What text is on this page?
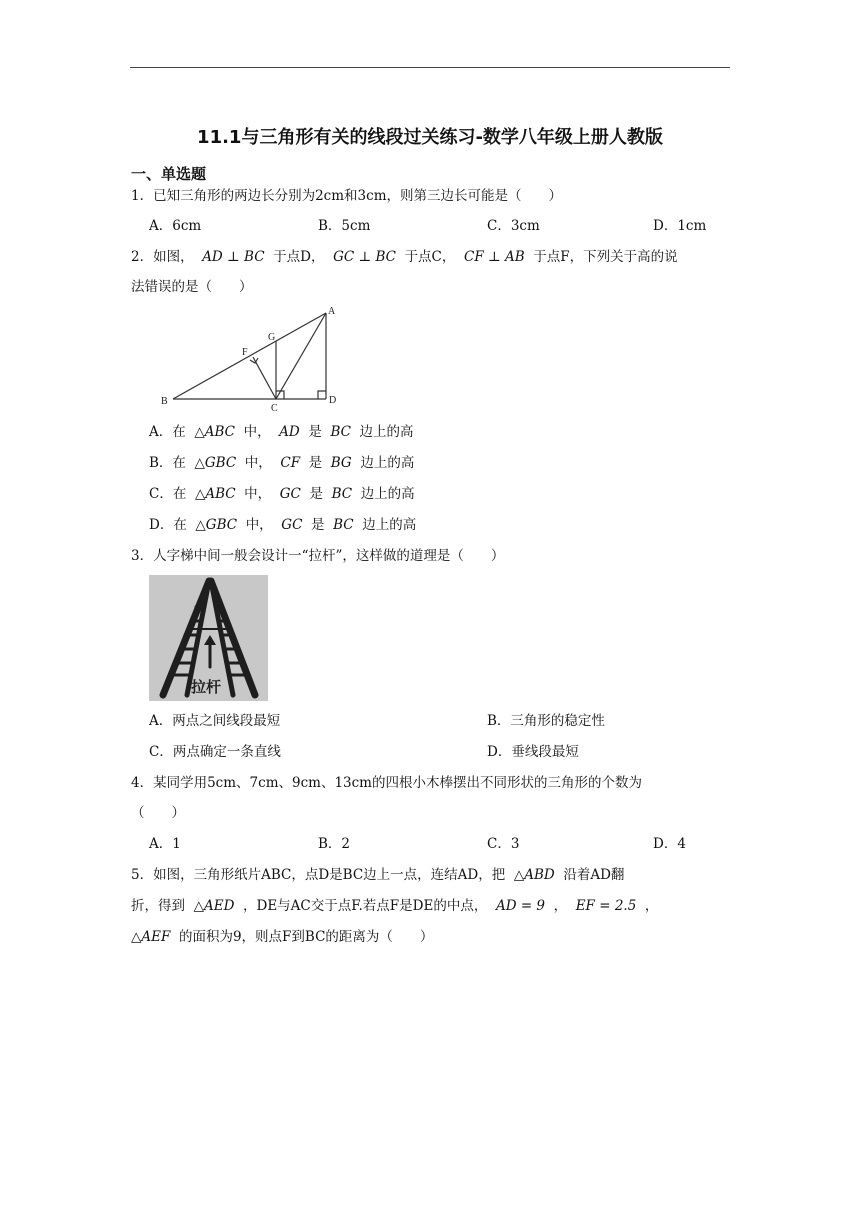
11.1与三角形有关的线段过关练习-数学八年级上册人教版
一、单选题
1．已知三角形的两边长分别为2cm和3cm，则第三边长可能是（　　）
A．6cm	B．5cm	C．3cm	D．1cm
2．如图， AD ⊥ BC 于点D， GC ⊥ BC 于点C， CF ⊥ AB 于点F，下列关于高的说
法错误的是（　　）
A
G
F
B
C
D
A．在 △ABC 中， AD 是 BC 边上的高
B．在 △GBC 中， CF 是 BG 边上的高
C．在 △ABC 中， GC 是 BC 边上的高
D．在 △GBC 中， GC 是 BC 边上的高
3．人字梯中间一般会设计一“拉杆”，这样做的道理是（　　）
拉杆
A．两点之间线段最短	B．三角形的稳定性
C．两点确定一条直线	D．垂线段最短
4．某同学用5cm、7cm、9cm、13cm的四根小木棒摆出不同形状的三角形的个数为
（　　）
A．1	B．2	C．3	D．4
5．如图，三角形纸片ABC，点D是BC边上一点，连结AD，把 △ABD 沿着AD翻
折，得到 △AED ，DE与AC交于点F.若点F是DE的中点， AD = 9 ， EF = 2.5 ，
△AEF 的面积为9，则点F到BC的距离为（　　）
